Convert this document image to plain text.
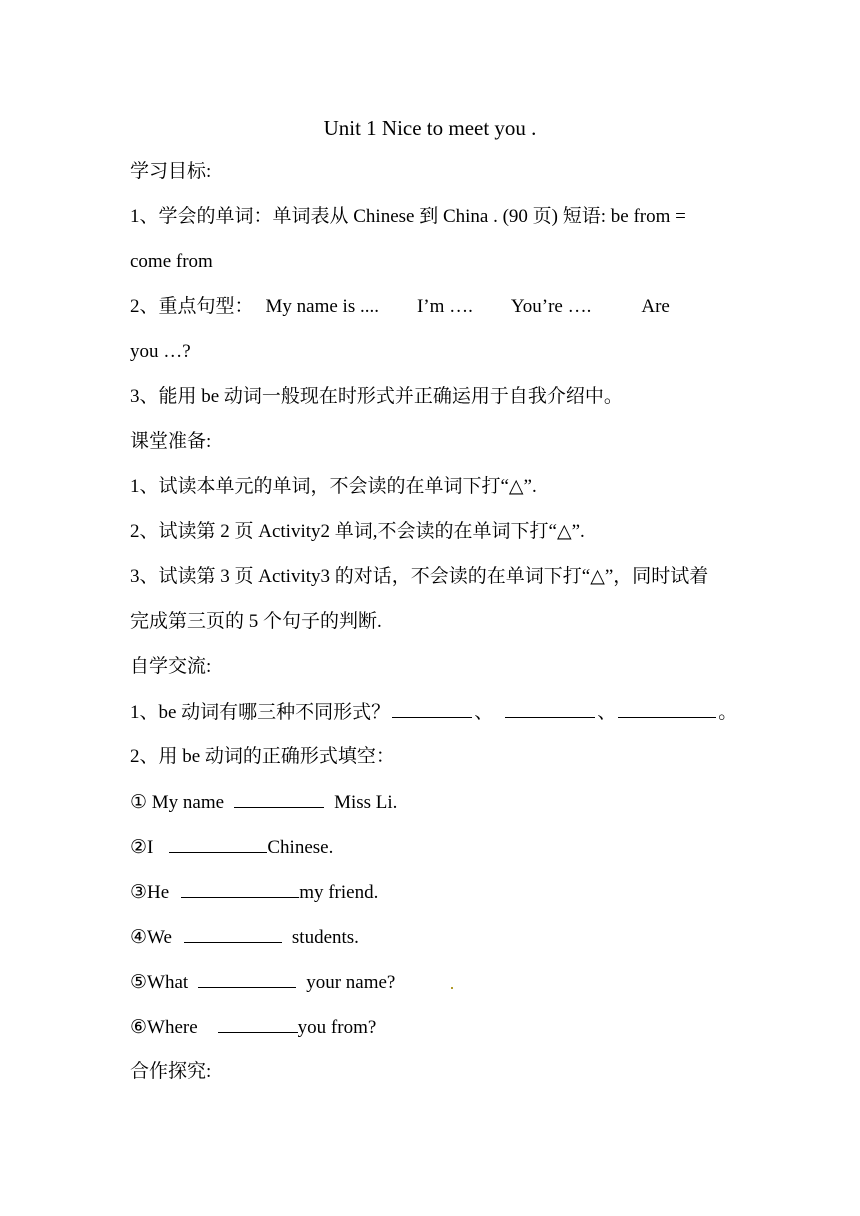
Unit 1 Nice to meet you .
学习目标:
1、学会的单词：单词表从 Chinese 到 China . (90 页) 短语: be from =
come from
2、重点句型： My name is .... I’m …. You’re ….	Are
you …?
3、能用 be 动词一般现在时形式并正确运用于自我介绍中。
课堂准备:
1、试读本单元的单词，不会读的在单词下打“△”.
2、试读第 2 页 Activity2 单词,不会读的在单词下打“△”.
3、试读第 3 页 Activity3 的对话，不会读的在单词下打“△”，同时试着
完成第三页的 5 个句子的判断.
自学交流:
1、be 动词有哪三种不同形式？	、	、	。
2、用 be 动词的正确形式填空：
① My name	Miss Li.
②I	Chinese.
③He	my friend.
④We	students.
⑤What	your name?
⑥Where	you from?
合作探究:
